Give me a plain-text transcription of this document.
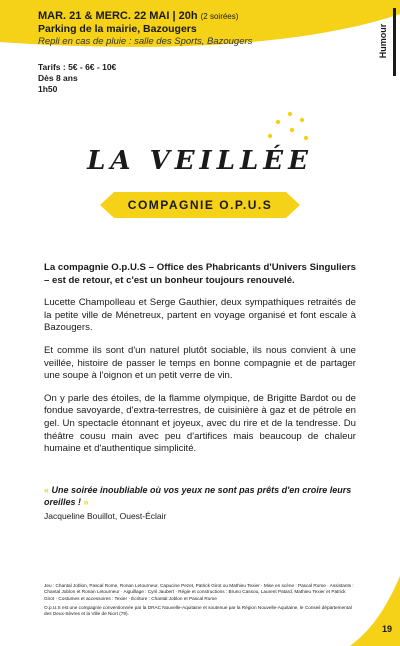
MAR. 21 & MERC. 22 MAI | 20h (2 soirées)
Parking de la mairie, Bazougers
Repli en cas de pluie : salle des Sports, Bazougers
Tarifs : 5€ - 6€ - 10€
Dès 8 ans
1h50
Humour
LA VEILLÉE
COMPAGNIE O.P.U.S

La compagnie O.p.U.S – Office des Phabricants d'Univers Singuliers – est de retour, et c'est un bonheur toujours renouvelé.

Lucette Champolleau et Serge Gauthier, deux sympathiques retraités de la petite ville de Ménetreux, partent en voyage organisé et font escale à Bazougers.

Et comme ils sont d'un naturel plutôt sociable, ils nous convient à une veillée, histoire de passer le temps en bonne compagnie et de partager une soupe à l'oignon et un petit verre de vin.

On y parle des étoiles, de la flamme olympique, de Brigitte Bardot ou de fondue savoyarde, d'extra-terrestres, de cuisinière à gaz et de pétrole en gel. Un spectacle étonnant et joyeux, avec du rire et de la tendresse. Du théâtre cousu main avec peu d'artifices mais beaucoup de chaleur humaine et d'authentique simplicité.

« Une soirée inoubliable où vos yeux ne sont pas prêts d'en croire leurs oreilles ! »
Jacqueline Bouillot, Ouest-Éclair

Jeu : Chantal Joblon, Pascal Rome, Ronan Letourneur, Capucine Pezet, Patrick Girot ou Mathieu Texier · Mise en scène : Pascal Rome · Assistants : Chantal Joblon et Ronan Letourneur · Aiguillage : Cyril Jaubert · Régie et constructions : Bruno Cassou, Laurent Patard, Mathieu Texier et Patrick Girot · Costumes et accessoires : Texier · Écriture : Chantal Joblon et Pascal Rome

O.p.U.S est une compagnie conventionnée par la DRAC Nouvelle-Aquitaine et soutenue par la Région Nouvelle-Aquitaine, le Conseil départemental des Deux-Sèvres et la Ville de Niort (79).

19
